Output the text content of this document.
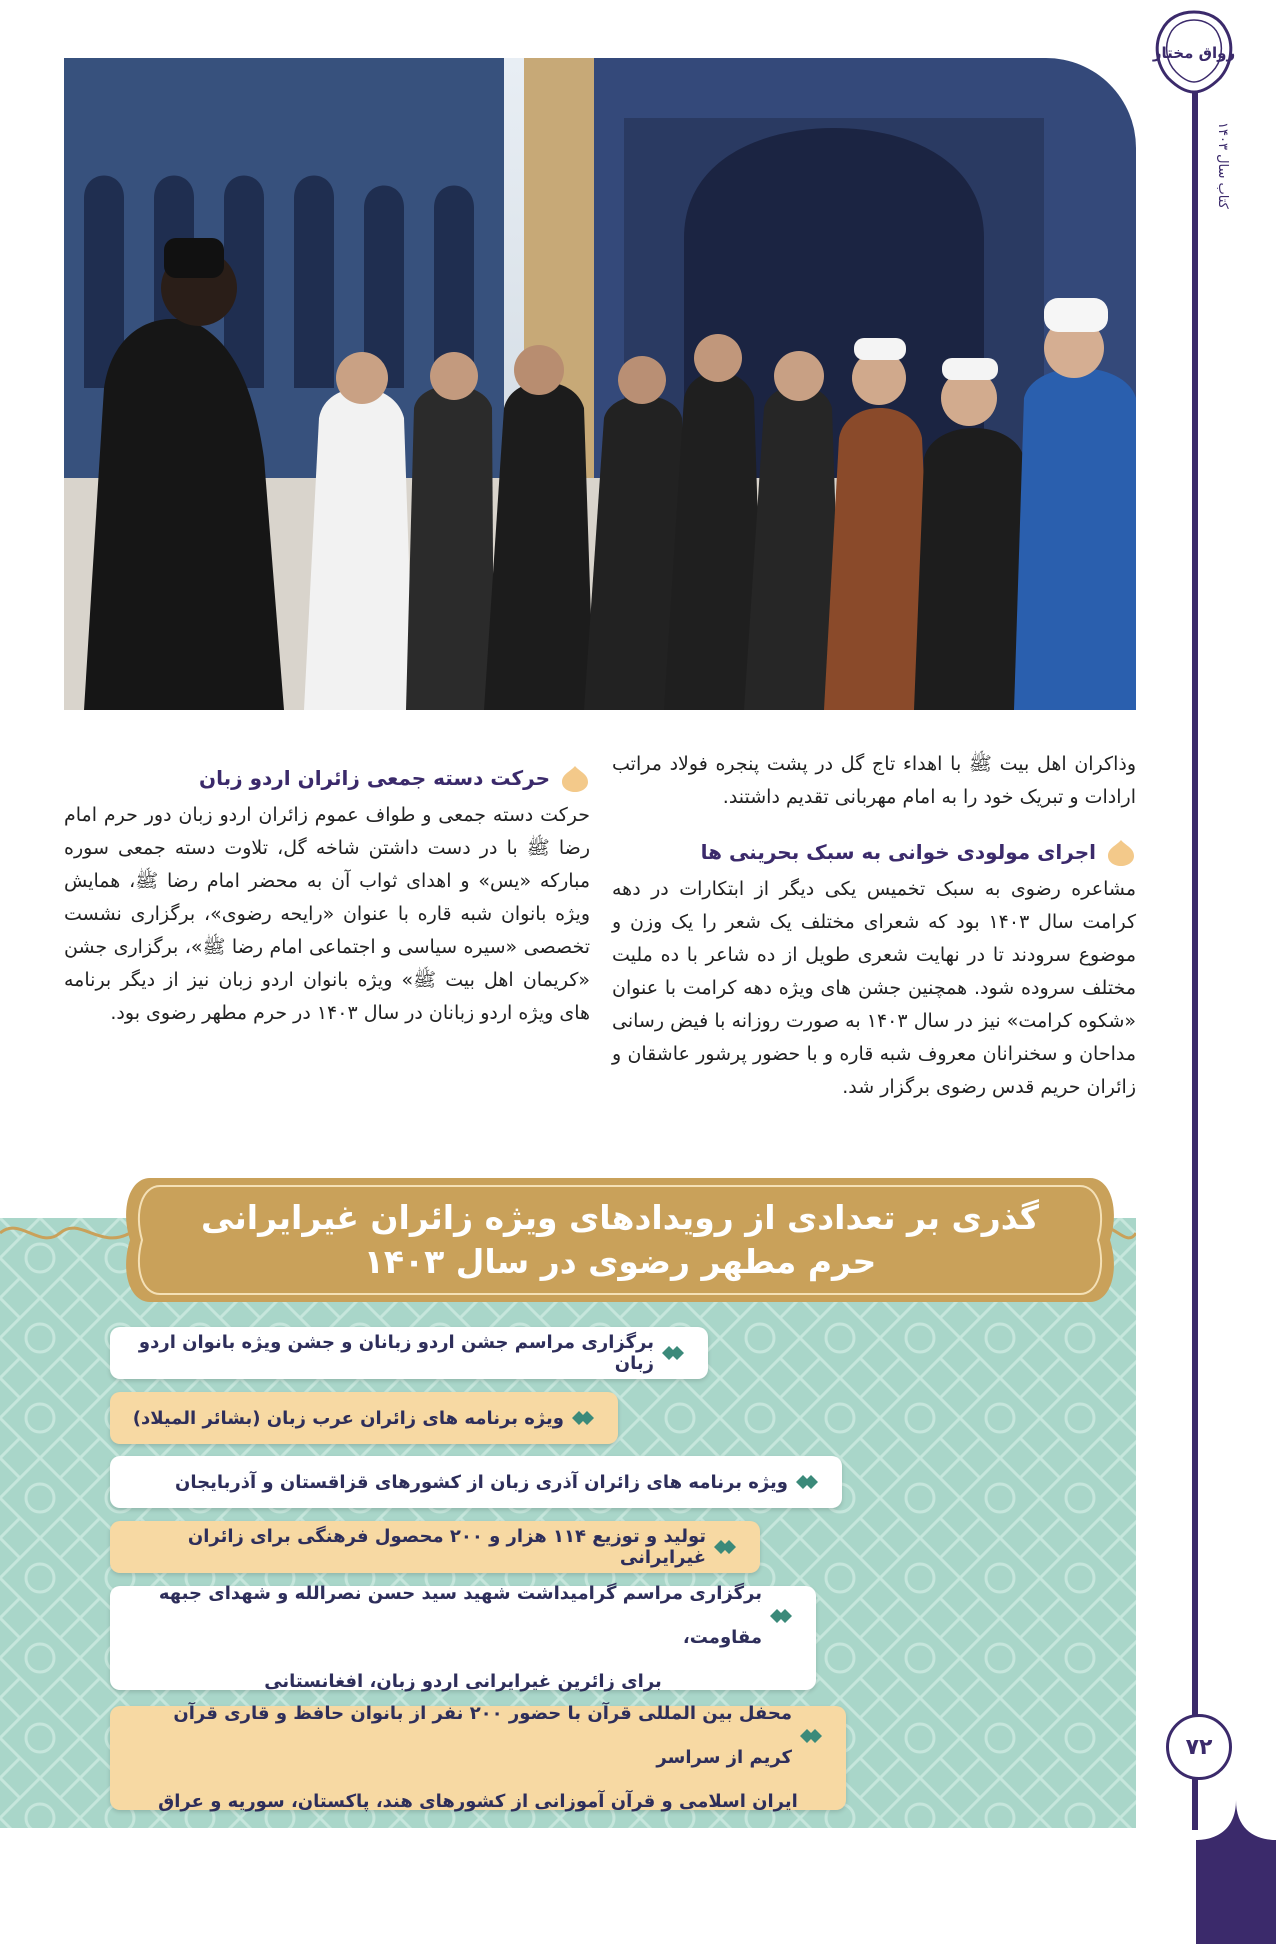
رواق مختار
کتاب سال ۱۴۰۳
۷۲

وذاکران اهل بیت ﷺ با اهداء تاج گل در پشت پنجره فولاد مراتب ارادات و تبریک خود را به امام مهربانی تقدیم داشتند.

اجرای مولودی خوانی به سبک بحرینی ها

مشاعره رضوی به سبک تخمیس یکی دیگر از ابتکارات در دهه کرامت سال ۱۴۰۳ بود که شعرای مختلف یک شعر را یک وزن و موضوع سرودند تا در نهایت شعری طویل از ده شاعر با ده ملیت مختلف سروده شود. همچنین جشن های ویژه دهه کرامت با عنوان «شکوه کرامت» نیز در سال ۱۴۰۳ به صورت روزانه با فیض رسانی مداحان و سخنرانان معروف شبه قاره و با حضور پرشور عاشقان و زائران حریم قدس رضوی برگزار شد.

حرکت دسته جمعی زائران اردو زبان

حرکت دسته جمعی و طواف عموم زائران اردو زبان دور حرم امام رضا ﷺ با در دست داشتن شاخه گل، تلاوت دسته جمعی سوره مبارکه «یس» و اهدای ثواب آن به محضر امام رضا ﷺ، همایش ویژه بانوان شبه قاره با عنوان «رایحه رضوی»، برگزاری نشست تخصصی «سیره سیاسی و اجتماعی امام رضا ﷺ»، برگزاری جشن «کریمان اهل بیت ﷺ» ویژه بانوان اردو زبان نیز از دیگر برنامه های ویژه اردو زبانان در سال ۱۴۰۳ در حرم مطهر رضوی بود.

گذری بر تعدادی از رویدادهای ویژه زائران غیرایرانی
حرم مطهر رضوی در سال ۱۴۰۳
برگزاری مراسم جشن اردو زبانان و جشن ویژه بانوان اردو زبان
ویژه برنامه های زائران عرب زبان (بشائر المیلاد)
ویژه برنامه های زائران آذری زبان از کشورهای قزاقستان و آذربایجان
تولید و توزیع ۱۱۴ هزار و ۲۰۰ محصول فرهنگی برای زائران غیرایرانی
برگزاری مراسم گرامیداشت شهید سید حسن نصرالله و شهدای جبهه مقاومت،
برای زائرین غیرایرانی اردو زبان، افغانستانی
محفل بین المللی قرآن با حضور ۲۰۰ نفر از بانوان حافظ و قاری قرآن کریم از سراسر
ایران اسلامی و قرآن آموزانی از کشورهای هند، پاکستان، سوریه و عراق
